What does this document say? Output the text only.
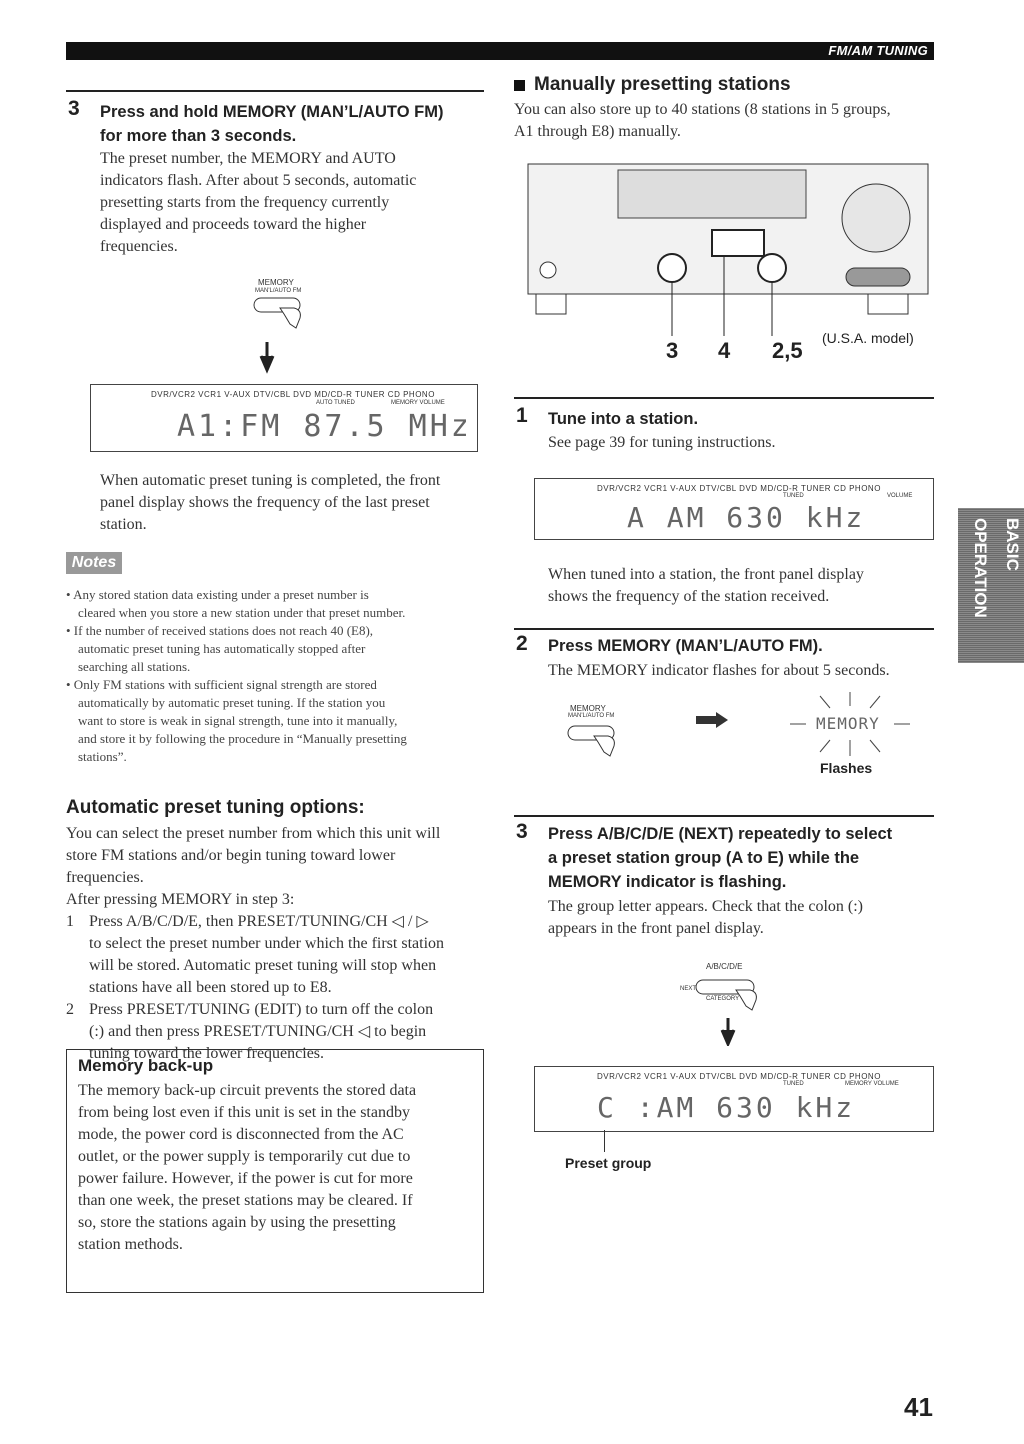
FM/AM TUNING
3 Press and hold MEMORY (MAN’L/AUTO FM)
for more than 3 seconds.
The preset number, the MEMORY and AUTO
indicators flash. After about 5 seconds, automatic
presetting starts from the frequency currently
displayed and proceeds toward the higher
frequencies.
MEMORY
MAN'L/AUTO FM
DVR/VCR2 VCR1 V-AUX DTV/CBL DVD MD/CD-R TUNER CD PHONO
AUTO TUNED	MEMORY VOLUME
A1:FM 87.5 MHz
When automatic preset tuning is completed, the front
panel display shows the frequency of the last preset
station.
Notes
• Any stored station data existing under a preset number is
cleared when you store a new station under that preset number.
• If the number of received stations does not reach 40 (E8),
automatic preset tuning has automatically stopped after
searching all stations.
• Only FM stations with sufficient signal strength are stored
automatically by automatic preset tuning. If the station you
want to store is weak in signal strength, tune into it manually,
and store it by following the procedure in “Manually presetting
stations”.
Automatic preset tuning options:
You can select the preset number from which this unit will
store FM stations and/or begin tuning toward lower
frequencies.
After pressing MEMORY in step 3:
1 Press A/B/C/D/E, then PRESET/TUNING/CH ◁ / ▷
to select the preset number under which the first station
will be stored. Automatic preset tuning will stop when
stations have all been stored up to E8.
2 Press PRESET/TUNING (EDIT) to turn off the colon
(:) and then press PRESET/TUNING/CH ◁ to begin
tuning toward the lower frequencies.
Memory back-up
The memory back-up circuit prevents the stored data
from being lost even if this unit is set in the standby
mode, the power cord is disconnected from the AC
outlet, or the power supply is temporarily cut due to
power failure. However, if the power is cut for more
than one week, the preset stations may be cleared. If
so, store the stations again by using the presetting
station methods.
Manually presetting stations
You can also store up to 40 stations (8 stations in 5 groups,
A1 through E8) manually.
3 4 2,5 (U.S.A. model)
1 Tune into a station.
See page 39 for tuning instructions.
DVR/VCR2 VCR1 V-AUX DTV/CBL DVD MD/CD-R TUNER CD PHONO
TUNED	VOLUME
A AM 630 kHz
When tuned into a station, the front panel display
shows the frequency of the station received.
2 Press MEMORY (MAN’L/AUTO FM).
The MEMORY indicator flashes for about 5 seconds.
MEMORY
MAN'L/AUTO FM	MEMORY
Flashes
3 Press A/B/C/D/E (NEXT) repeatedly to select
a preset station group (A to E) while the
MEMORY indicator is flashing.
The group letter appears. Check that the colon (:)
appears in the front panel display.
A/B/C/D/E
NEXT
CATEGORY
DVR/VCR2 VCR1 V-AUX DTV/CBL DVD MD/CD-R TUNER CD PHONO
TUNED	MEMORY VOLUME
C :AM 630 kHz
Preset group
BASIC
OPERATION
41
